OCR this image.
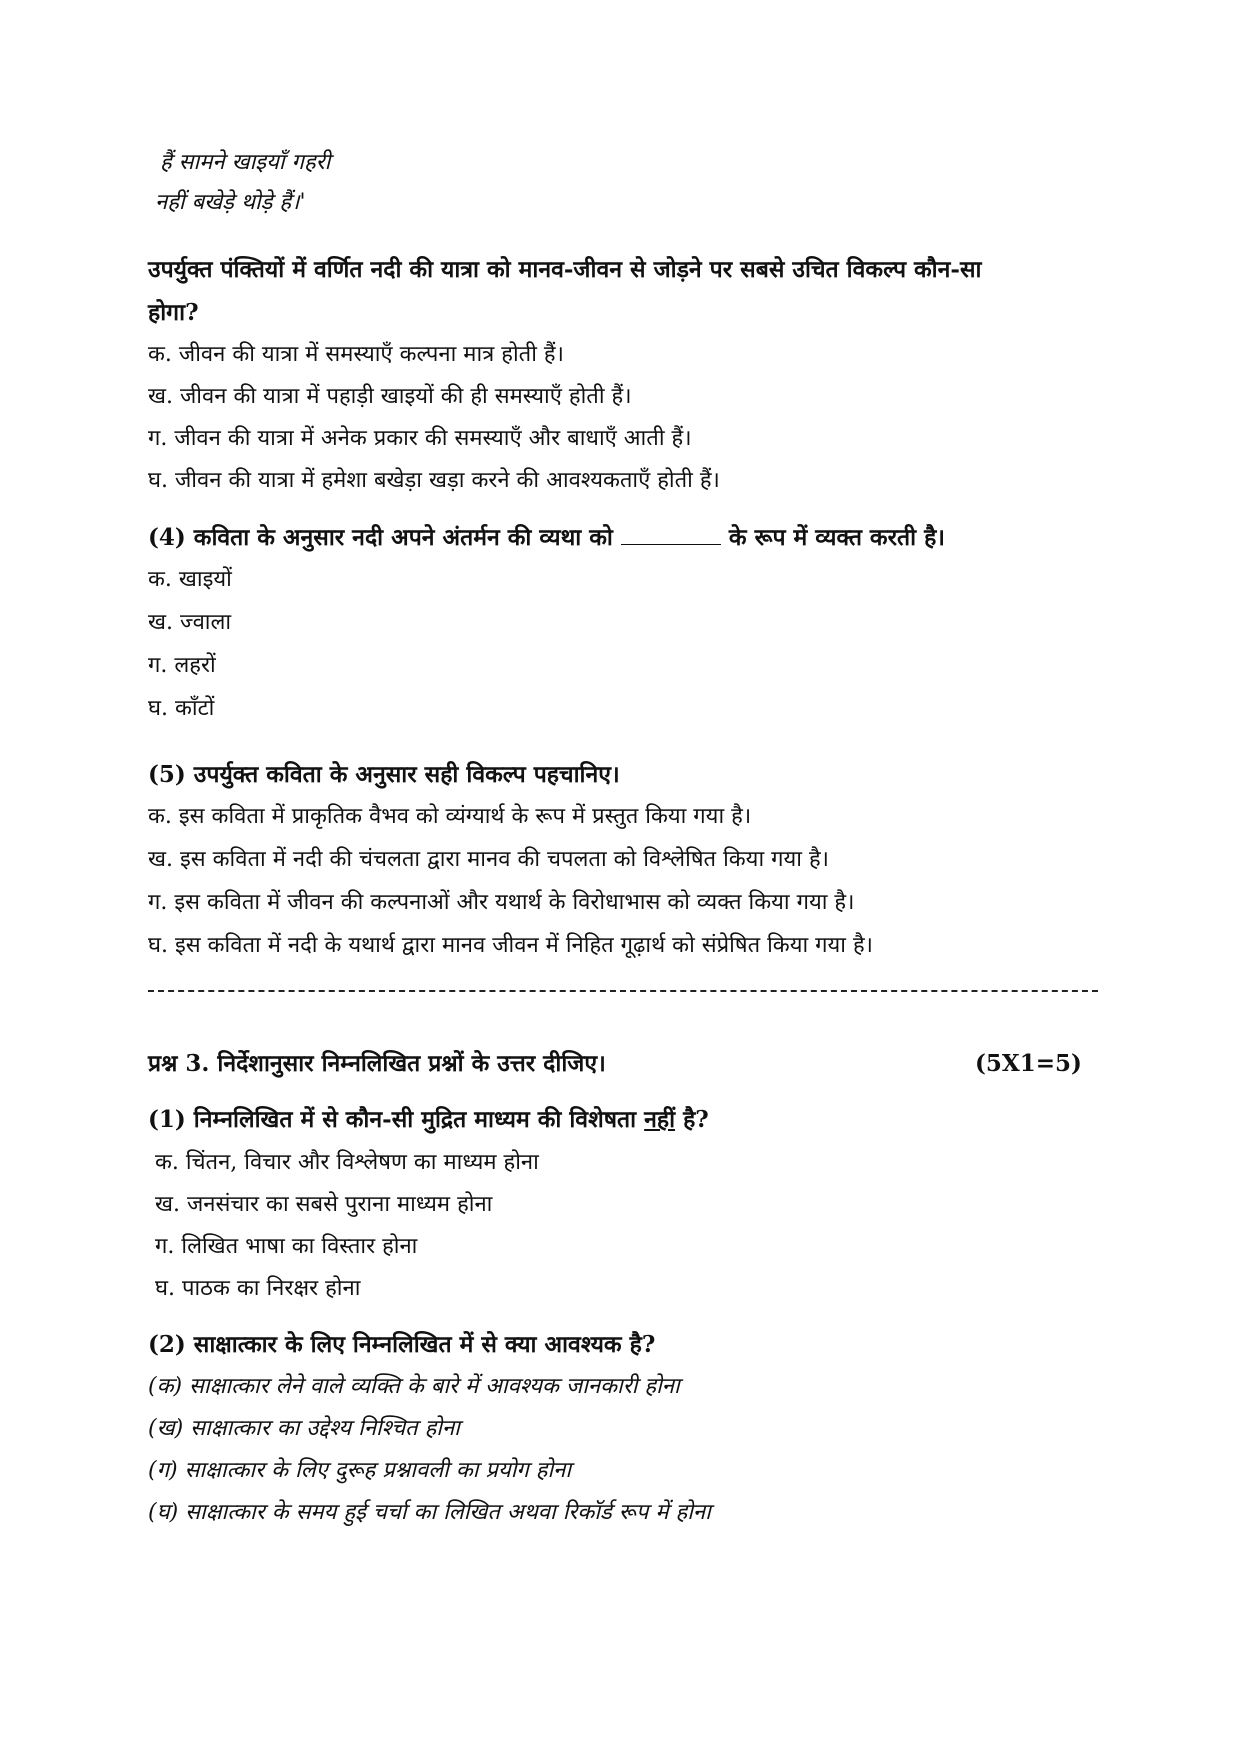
हैं सामने खाइयाँ गहरी
नहीं बखेड़े थोड़े हैं।'
उपर्युक्त पंक्तियों में वर्णित नदी की यात्रा को मानव-जीवन से जोड़ने पर सबसे उचित विकल्प कौन-सा
होगा?
क. जीवन की यात्रा में समस्याएँ कल्पना मात्र होती हैं।
ख. जीवन की यात्रा में पहाड़ी खाइयों की ही समस्याएँ होती हैं।
ग. जीवन की यात्रा में अनेक प्रकार की समस्याएँ और बाधाएँ आती हैं।
घ. जीवन की यात्रा में हमेशा बखेड़ा खड़ा करने की आवश्यकताएँ होती हैं।
(4) कविता के अनुसार नदी अपने अंतर्मन की व्यथा को	के रूप में व्यक्त करती है।
क. खाइयों
ख. ज्वाला
ग. लहरों
घ. काँटों
(5) उपर्युक्त कविता के अनुसार सही विकल्प पहचानिए।
क. इस कविता में प्राकृतिक वैभव को व्यंग्यार्थ के रूप में प्रस्तुत किया गया है।
ख. इस कविता में नदी की चंचलता द्वारा मानव की चपलता को विश्लेषित किया गया है।
ग. इस कविता में जीवन की कल्पनाओं और यथार्थ के विरोधाभास को व्यक्त किया गया है।
घ. इस कविता में नदी के यथार्थ द्वारा मानव जीवन में निहित गूढ़ार्थ को संप्रेषित किया गया है।
प्रश्न 3. निर्देशानुसार निम्नलिखित प्रश्नों के उत्तर दीजिए।	(5X1=5)
(1) निम्नलिखित में से कौन-सी मुद्रित माध्यम की विशेषता नहीं है?
क. चिंतन, विचार और विश्लेषण का माध्यम होना
ख. जनसंचार का सबसे पुराना माध्यम होना
ग. लिखित भाषा का विस्तार होना
घ. पाठक का निरक्षर होना
(2) साक्षात्कार के लिए निम्नलिखित में से क्या आवश्यक है?
(क) साक्षात्कार लेने वाले व्यक्ति के बारे में आवश्यक जानकारी होना
(ख) साक्षात्कार का उद्देश्य निश्चित होना
(ग) साक्षात्कार के लिए दुरूह प्रश्नावली का प्रयोग होना
(घ) साक्षात्कार के समय हुई चर्चा का लिखित अथवा रिकॉर्ड रूप में होना
